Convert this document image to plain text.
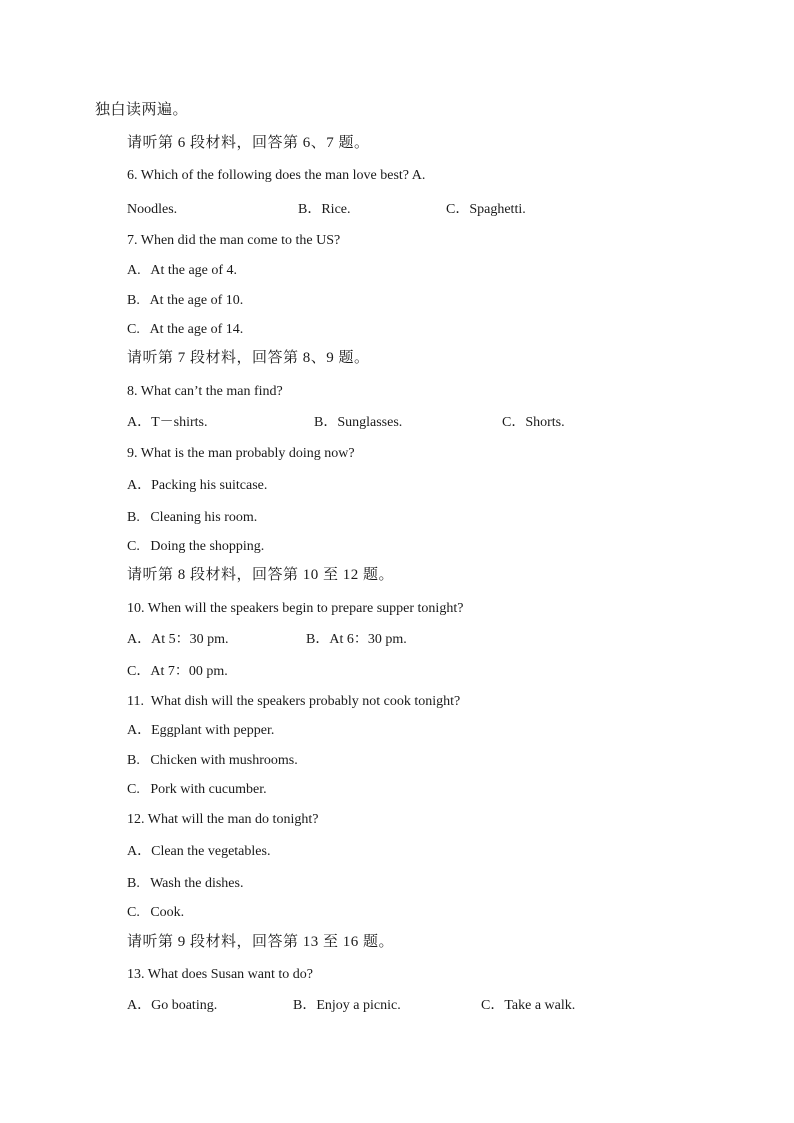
独白读两遍。
请听第 6 段材料，回答第 6、7 题。
6. Which of the following does the man love best? A.
Noodles.	B．Rice.	C．Spaghetti.
7. When did the man come to the US?
A.   At the age of 4.
B.   At the age of 10.
C.   At the age of 14.
请听第 7 段材料，回答第 8、9 题。
8. What can’t the man find?
A．T－shirts.	B．Sunglasses.	C．Shorts.
9. What is the man probably doing now?
A．Packing his suitcase.
B.   Cleaning his room.
C.   Doing the shopping.
请听第 8 段材料，回答第 10 至 12 题。
10. When will the speakers begin to prepare supper tonight?
A．At 5：30 pm.	B．At 6：30 pm.
C．At 7：00 pm.
11.  What dish will the speakers probably not cook tonight?
A．Eggplant with pepper.
B.   Chicken with mushrooms.
C.   Pork with cucumber.
12. What will the man do tonight?
A．Clean the vegetables.
B.   Wash the dishes.
C.   Cook.
请听第 9 段材料，回答第 13 至 16 题。
13. What does Susan want to do?
A．Go boating.	B．Enjoy a picnic.	C．Take a walk.
